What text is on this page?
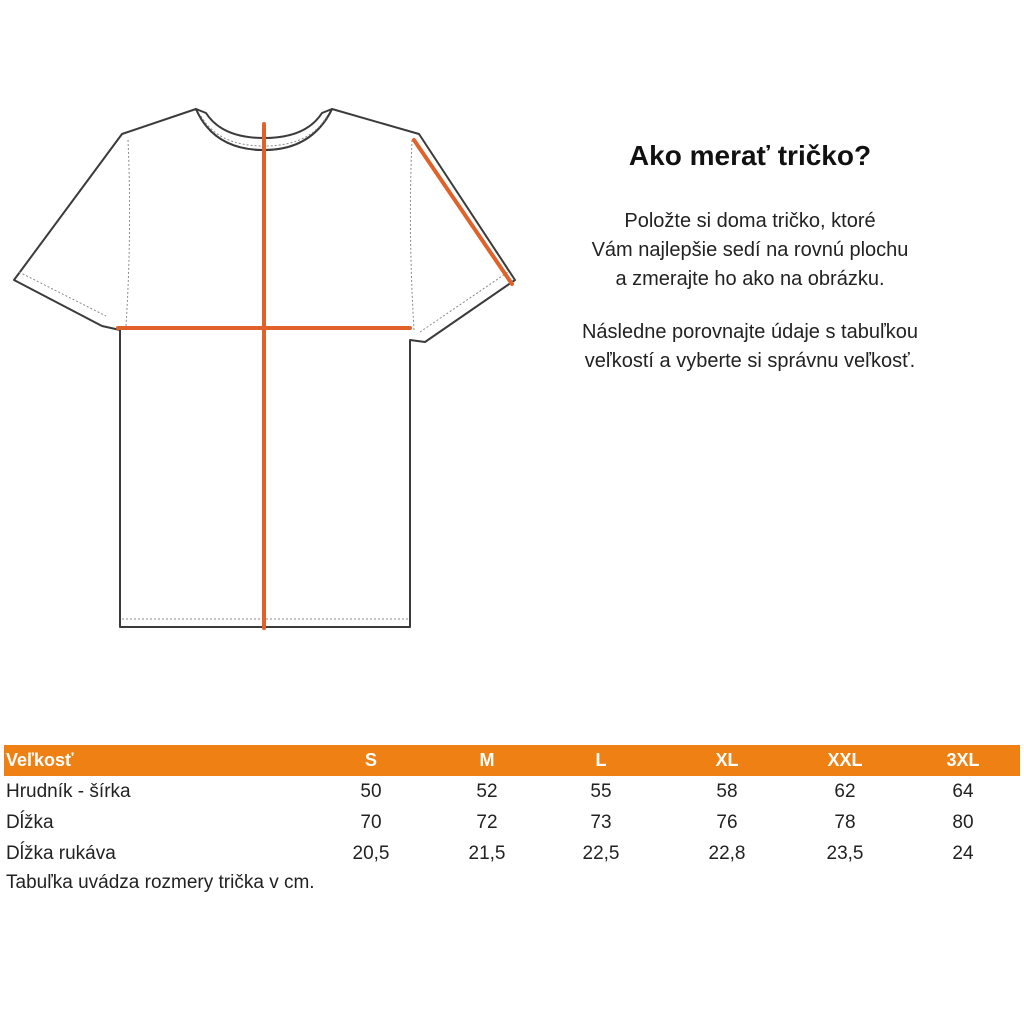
Ako merať tričko?
Položte si doma tričko, ktoré
Vám najlepšie sedí na rovnú plochu
a zmerajte ho ako na obrázku.
Následne porovnajte údaje s tabuľkou
veľkostí a vyberte si správnu veľkosť.
Veľkosť	S	M	L	XL	XXL	3XL
Hrudník - šírka	50	52	55	58	62	64
Dĺžka	70	72	73	76	78	80
Dĺžka rukáva	20,5	21,5	22,5	22,8	23,5	24
Tabuľka uvádza rozmery trička v cm.
